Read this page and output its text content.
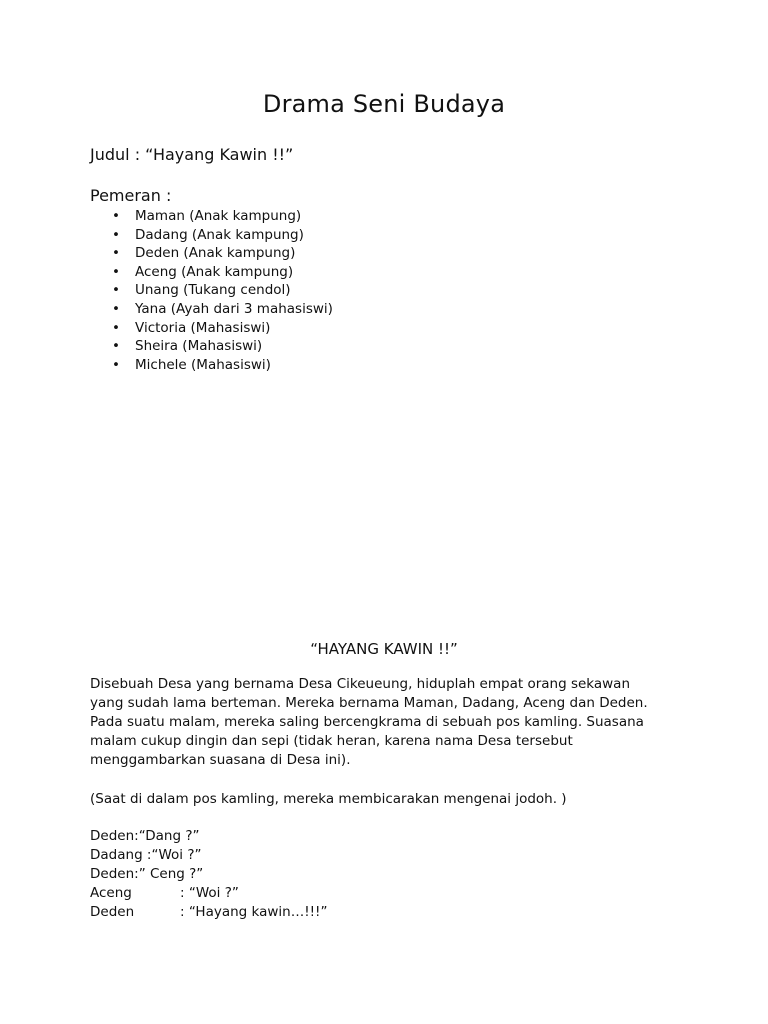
Drama Seni Budaya
Judul : “Hayang Kawin !!”
Pemeran :
• Maman (Anak kampung)
• Dadang (Anak kampung)
• Deden (Anak kampung)
• Aceng (Anak kampung)
• Unang (Tukang cendol)
• Yana (Ayah dari 3 mahasiswi)
• Victoria (Mahasiswi)
• Sheira (Mahasiswi)
• Michele (Mahasiswi)
“HAYANG KAWIN !!”
Disebuah Desa yang bernama Desa Cikeueung, hiduplah empat orang sekawan
yang sudah lama berteman. Mereka bernama Maman, Dadang, Aceng dan Deden.
Pada suatu malam, mereka saling bercengkrama di sebuah pos kamling. Suasana
malam cukup dingin dan sepi (tidak heran, karena nama Desa tersebut
menggambarkan suasana di Desa ini).
(Saat di dalam pos kamling, mereka membicarakan mengenai jodoh. )
Deden:“Dang ?”
Dadang :“Woi ?”
Deden:” Ceng ?”
Aceng	: “Woi ?”
Deden	: “Hayang kawin…!!!”
